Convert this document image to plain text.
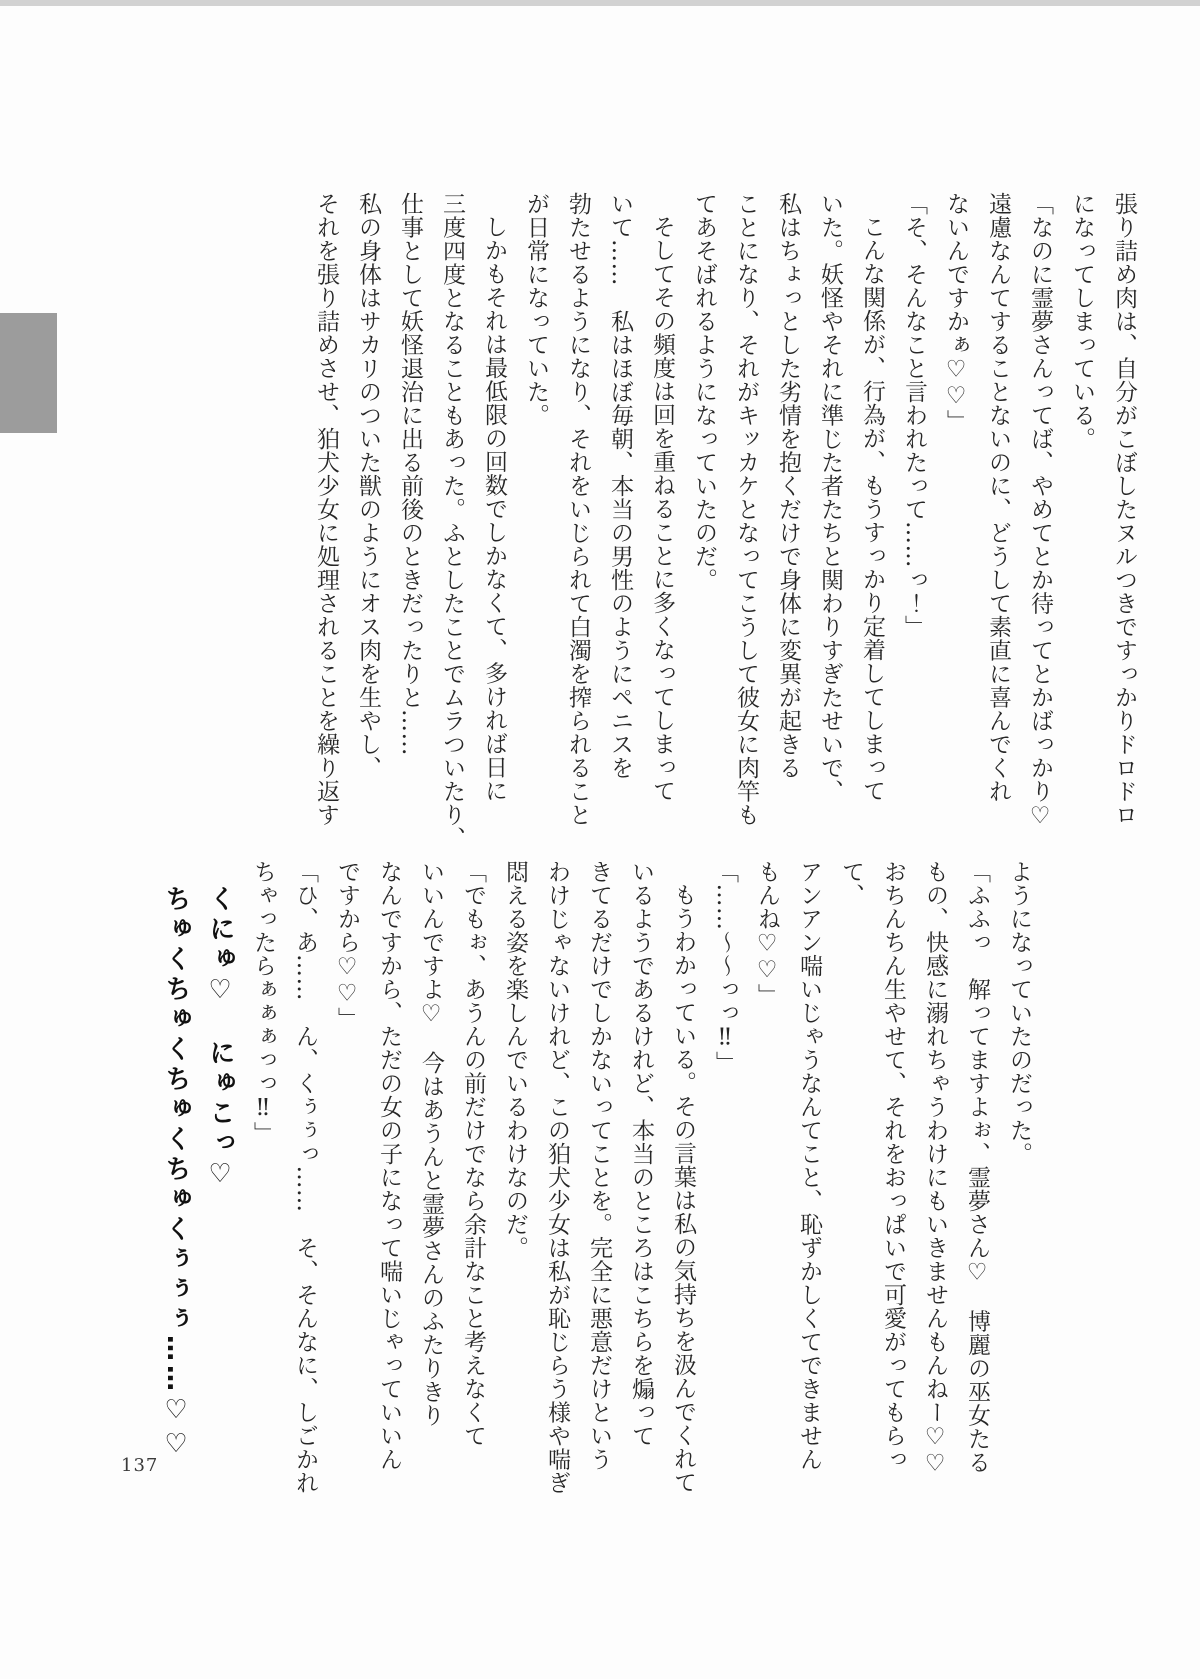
張り詰め肉は、自分がこぼしたヌルつきですっかりドロドロ

になってしまっている。

「なのに霊夢さんってば、やめてとか待ってとかばっかり♡

遠慮なんてすることないのに、どうして素直に喜んでくれ

ないんですかぁ♡♡」

「そ、そんなこと言われたって……っ！」

こんな関係が、行為が、もうすっかり定着してしまって

いた。妖怪やそれに準じた者たちと関わりすぎたせいで、

私はちょっとした劣情を抱くだけで身体に変異が起きる

ことになり、それがキッカケとなってこうして彼女に肉竿も

てあそばれるようになっていたのだ。

そしてその頻度は回を重ねることに多くなってしまって

いて……　私はほぼ毎朝、本当の男性のようにペニスを

勃たせるようになり、それをいじられて白濁を搾られること

が日常になっていた。

しかもそれは最低限の回数でしかなくて、多ければ日に

三度四度となることもあった。ふとしたことでムラついたり、

仕事として妖怪退治に出る前後のときだったりと……

私の身体はサカリのついた獣のようにオス肉を生やし、

それを張り詰めさせ、狛犬少女に処理されることを繰り返す

ようになっていたのだった。

「ふふっ　解ってますよぉ、霊夢さん♡　博麗の巫女たる

もの、快感に溺れちゃうわけにもいきませんもんねー♡♡

おちんちん生やせて、それをおっぱいで可愛がってもらって、

アンアン喘いじゃうなんてこと、恥ずかしくてできません

もんね♡♡」

「……〜〜っっ‼」

もうわかっている。その言葉は私の気持ちを汲んでくれて

いるようであるけれど、本当のところはこちらを煽って

きてるだけでしかないってことを。完全に悪意だけという

わけじゃないけれど、この狛犬少女は私が恥じらう様や喘ぎ

悶える姿を楽しんでいるわけなのだ。

「でもぉ、あうんの前だけでなら余計なこと考えなくて

いいんですよ♡　今はあうんと霊夢さんのふたりきり

なんですから、ただの女の子になって喘いじゃっていいん

ですから♡♡」

「ひ、あ……　ん、くぅぅっ……　そ、そんなに、しごかれ

ちゃったらぁぁぁっっ‼」

くにゅ♡　にゅこっ♡

ちゅくちゅくちゅくちゅくぅぅぅ……♡♡

137
